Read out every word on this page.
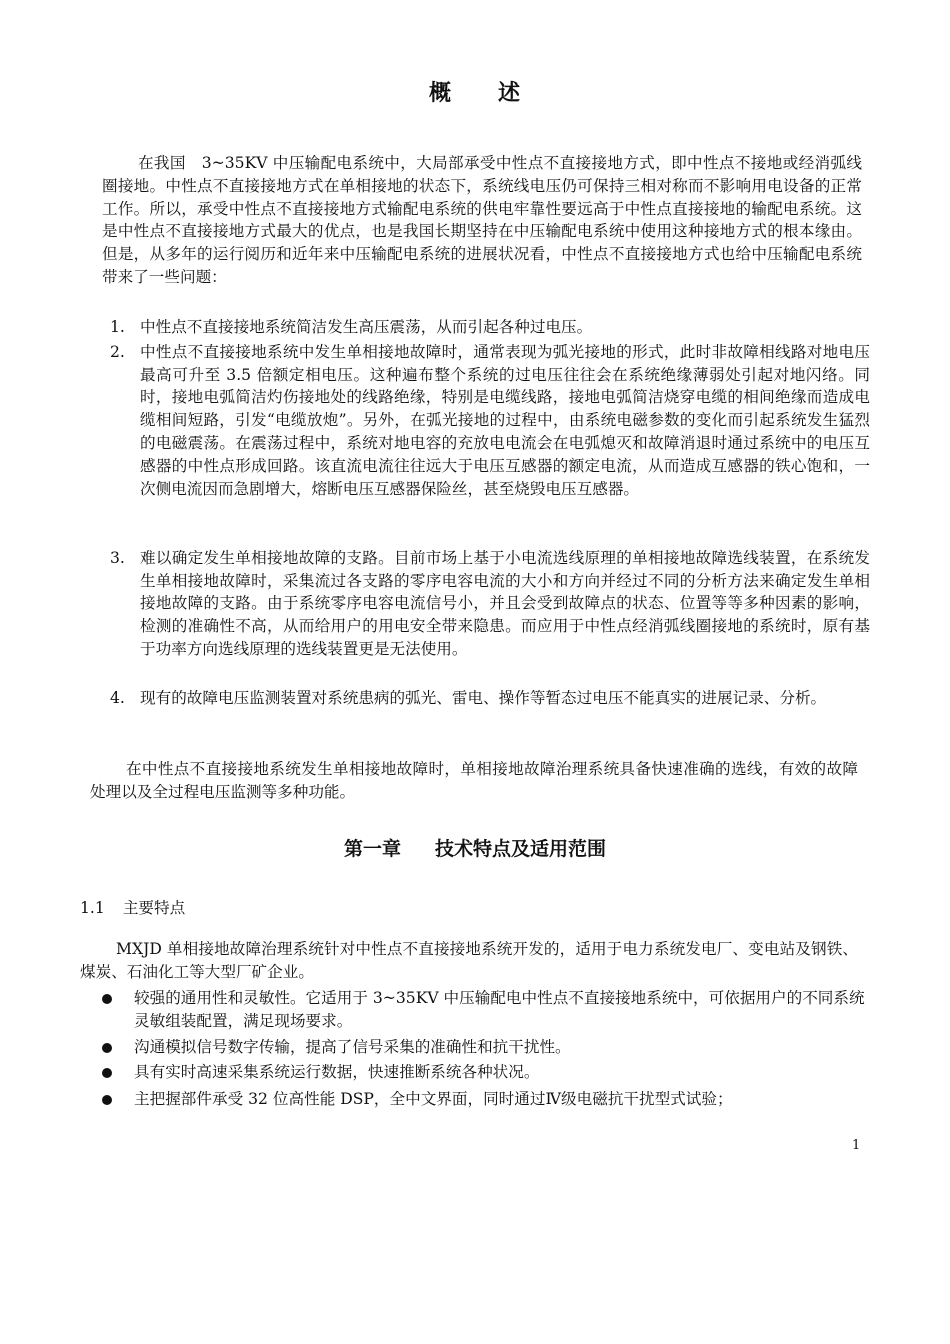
概　　述
在我国　3~35KV 中压输配电系统中，大局部承受中性点不直接接地方式，即中性点不接地或经消弧线圈接地。中性点不直接接地方式在单相接地的状态下，系统线电压仍可保持三相对称而不影响用电设备的正常工作。所以，承受中性点不直接接地方式输配电系统的供电牢靠性要远高于中性点直接接地的输配电系统。这是中性点不直接接地方式最大的优点，也是我国长期坚持在中压输配电系统中使用这种接地方式的根本缘由。但是，从多年的运行阅历和近年来中压输配电系统的进展状况看，中性点不直接接地方式也给中压输配电系统带来了一些问题：
1. 中性点不直接接地系统简洁发生高压震荡，从而引起各种过电压。
2. 中性点不直接接地系统中发生单相接地故障时，通常表现为弧光接地的形式，此时非故障相线路对地电压最高可升至 3.5 倍额定相电压。这种遍布整个系统的过电压往往会在系统绝缘薄弱处引起对地闪络。同时，接地电弧简洁灼伤接地处的线路绝缘，特别是电缆线路，接地电弧简洁烧穿电缆的相间绝缘而造成电缆相间短路，引发“电缆放炮”。另外，在弧光接地的过程中，由系统电磁参数的变化而引起系统发生猛烈的电磁震荡。在震荡过程中，系统对地电容的充放电电流会在电弧熄灭和故障消退时通过系统中的电压互感器的中性点形成回路。该直流电流往往远大于电压互感器的额定电流，从而造成互感器的铁心饱和，一次侧电流因而急剧增大，熔断电压互感器保险丝，甚至烧毁电压互感器。
3. 难以确定发生单相接地故障的支路。目前市场上基于小电流选线原理的单相接地故障选线装置，在系统发生单相接地故障时，采集流过各支路的零序电容电流的大小和方向并经过不同的分析方法来确定发生单相接地故障的支路。由于系统零序电容电流信号小，并且会受到故障点的状态、位置等等多种因素的影响，检测的准确性不高，从而给用户的用电安全带来隐患。而应用于中性点经消弧线圈接地的系统时，原有基于功率方向选线原理的选线装置更是无法使用。
4. 现有的故障电压监测装置对系统患病的弧光、雷电、操作等暂态过电压不能真实的进展记录、分析。
在中性点不直接接地系统发生单相接地故障时，单相接地故障治理系统具备快速准确的选线，有效的故障处理以及全过程电压监测等多种功能。
第一章 技术特点及适用范围
1.1 主要特点
MXJD 单相接地故障治理系统针对中性点不直接接地系统开发的，适用于电力系统发电厂、变电站及钢铁、煤炭、石油化工等大型厂矿企业。
较强的通用性和灵敏性。它适用于 3~35KV 中压输配电中性点不直接接地系统中，可依据用户的不同系统灵敏组装配置，满足现场要求。
沟通模拟信号数字传输，提高了信号采集的准确性和抗干扰性。
具有实时高速采集系统运行数据，快速推断系统各种状况。
主把握部件承受 32 位高性能 DSP，全中文界面，同时通过Ⅳ级电磁抗干扰型式试验；
1
